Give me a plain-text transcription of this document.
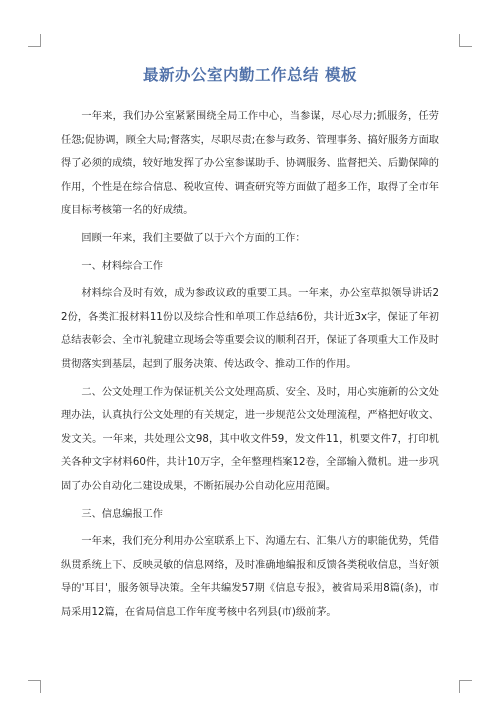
最新办公室内勤工作总结 模板

一年来，我们办公室紧紧围绕全局工作中心，当参谋，尽心尽力;抓服务，任劳任怨;促协调，顾全大局;督落实，尽职尽责;在参与政务、管理事务、搞好服务方面取得了必须的成绩，较好地发挥了办公室参谋助手、协调服务、监督把关、后勤保障的作用，个性是在综合信息、税收宣传、调查研究等方面做了超多工作，取得了全市年度目标考核第一名的好成绩。

回顾一年来，我们主要做了以于六个方面的工作：

一、材料综合工作

材料综合及时有效，成为参政议政的重要工具。一年来，办公室草拟领导讲话22份，各类汇报材料11份以及综合性和单项工作总结6份，共计近3x字，保证了年初总结表彰会、全市礼貌建立现场会等重要会议的顺利召开，保证了各项重大工作及时贯彻落实到基层，起到了服务决策、传达政令、推动工作的作用。

二、公文处理工作为保证机关公文处理高质、安全、及时，用心实施新的公文处理办法，认真执行公文处理的有关规定，进一步规范公文处理流程，严格把好收文、发文关。一年来，共处理公文98，其中收文件59，发文件11，机要文件7，打印机关各种文字材料60件，共计10万字，全年整理档案12卷，全部输入微机。进一步巩固了办公自动化二建设成果，不断拓展办公自动化应用范圈。

三、信息编报工作

一年来，我们充分利用办公室联系上下、沟通左右、汇集八方的职能优势，凭借纵贯系统上下、反映灵敏的信息网络，及时准确地编报和反馈各类税收信息，当好领导的'耳目'，服务领导决策。全年共编发57期《信息专报》，被省局采用8篇(条)，市局采用12篇，在省局信息工作年度考核中名列县(市)级前茅。
